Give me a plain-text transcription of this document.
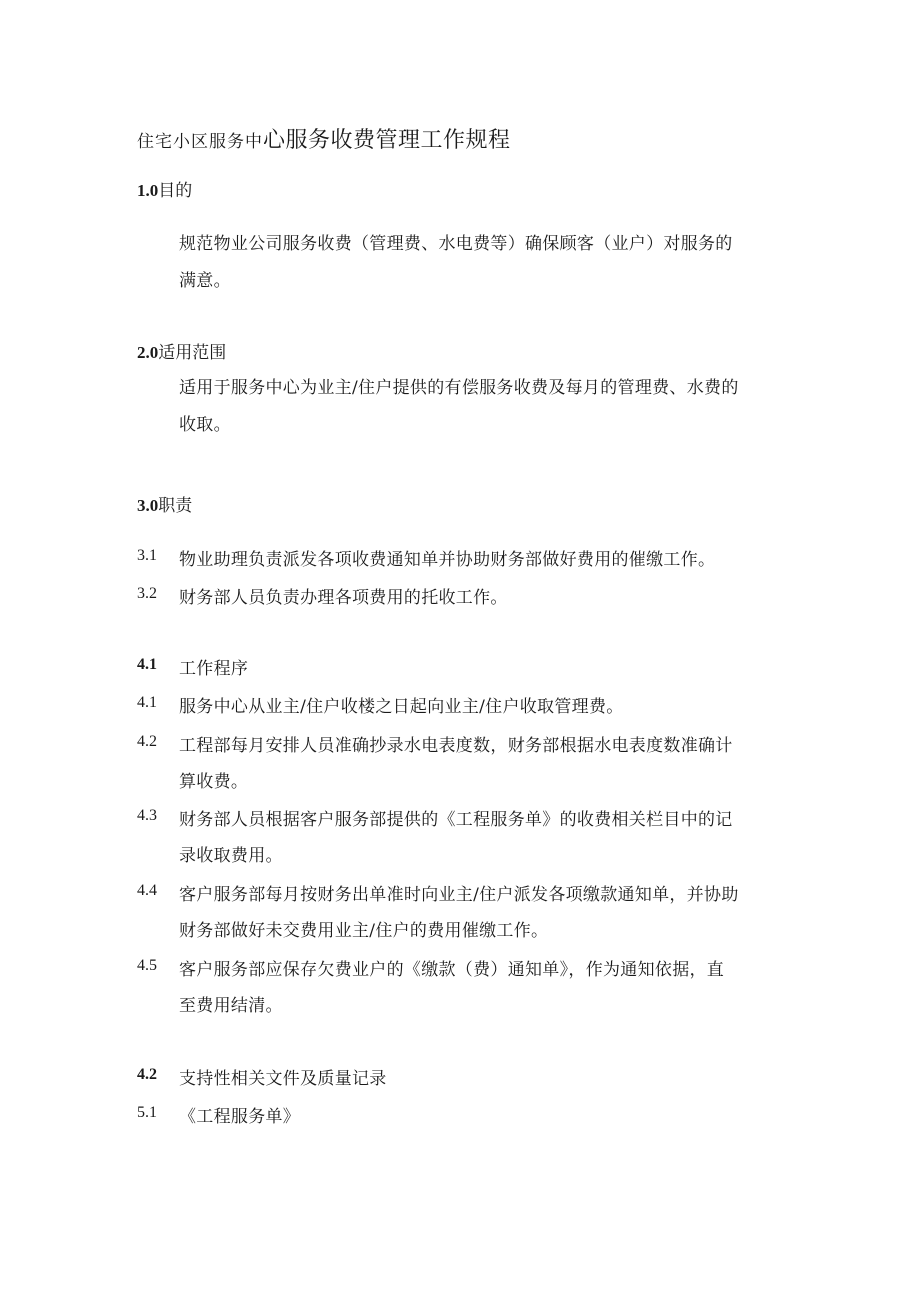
住宅小区服务中心服务收费管理工作规程
1.0目的
规范物业公司服务收费（管理费、水电费等）确保顾客（业户）对服务的
满意。
2.0适用范围
适用于服务中心为业主/住户提供的有偿服务收费及每月的管理费、水费的
收取。
3.0职责
3.1 物业助理负责派发各项收费通知单并协助财务部做好费用的催缴工作。
3.2 财务部人员负责办理各项费用的托收工作。
4.1 工作程序
4.1 服务中心从业主/住户收楼之日起向业主/住户收取管理费。
4.2 工程部每月安排人员准确抄录水电表度数，财务部根据水电表度数准确计
算收费。
4.3 财务部人员根据客户服务部提供的《工程服务单》的收费相关栏目中的记
录收取费用。
4.4 客户服务部每月按财务出单准时向业主/住户派发各项缴款通知单，并协助
财务部做好未交费用业主/住户的费用催缴工作。
4.5 客户服务部应保存欠费业户的《缴款（费）通知单》，作为通知依据，直
至费用结清。
4.2 支持性相关文件及质量记录
5.1 《工程服务单》
